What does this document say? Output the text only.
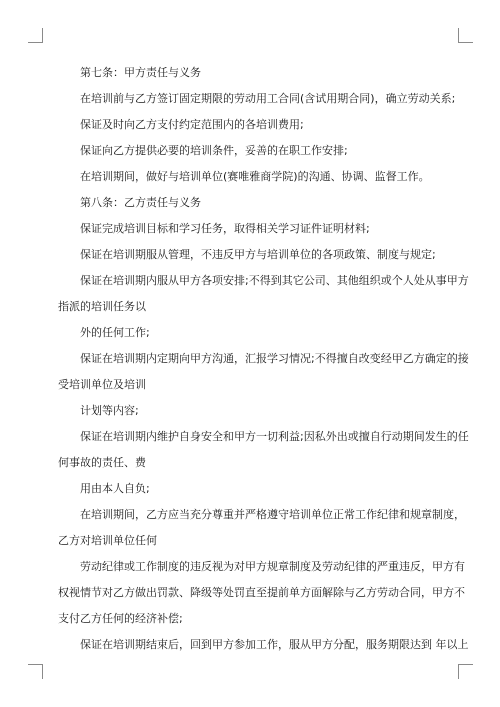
第七条：甲方责任与义务

在培训前与乙方签订固定期限的劳动用工合同(含试用期合同)，确立劳动关系;

保证及时向乙方支付约定范围内的各培训费用;

保证向乙方提供必要的培训条件，妥善的在职工作安排;

在培训期间，做好与培训单位(赛唯雅商学院)的沟通、协调、监督工作。

第八条：乙方责任与义务

保证完成培训目标和学习任务，取得相关学习证件证明材料;

保证在培训期服从管理，不违反甲方与培训单位的各项政策、制度与规定;

保证在培训期内服从甲方各项安排;不得到其它公司、其他组织或个人处从事甲方

指派的培训任务以

外的任何工作;

保证在培训期内定期向甲方沟通，汇报学习情况;不得擅自改变经甲乙方确定的接

受培训单位及培训

计划等内容;

保证在培训期内维护自身安全和甲方一切利益;因私外出或擅自行动期间发生的任

何事故的责任、费

用由本人自负;

在培训期间，乙方应当充分尊重并严格遵守培训单位正常工作纪律和规章制度，

乙方对培训单位任何

劳动纪律或工作制度的违反视为对甲方规章制度及劳动纪律的严重违反，甲方有

权视情节对乙方做出罚款、降级等处罚直至提前单方面解除与乙方劳动合同，甲方不

支付乙方任何的经济补偿;

保证在培训期结束后，回到甲方参加工作，服从甲方分配，服务期限达到 年以上
